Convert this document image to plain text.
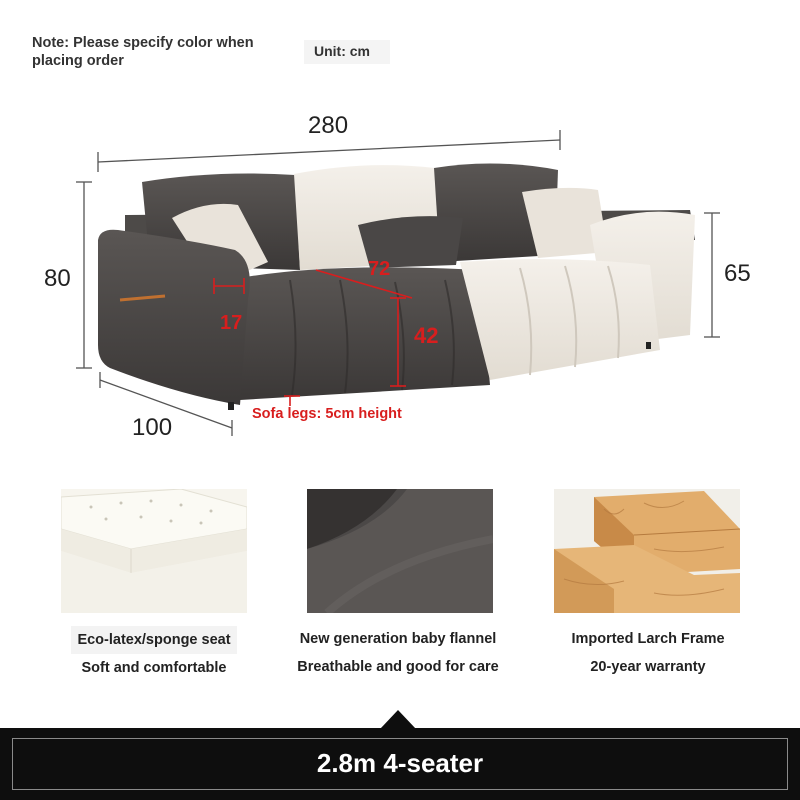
Note: Please specify color when placing order
Unit: cm
280
80
100
65
72
42
17
Sofa legs: 5cm height
Eco-latex/sponge seat
Soft and comfortable
New generation baby flannel
Breathable and good for care
Imported Larch Frame
20-year warranty
2.8m 4-seater
